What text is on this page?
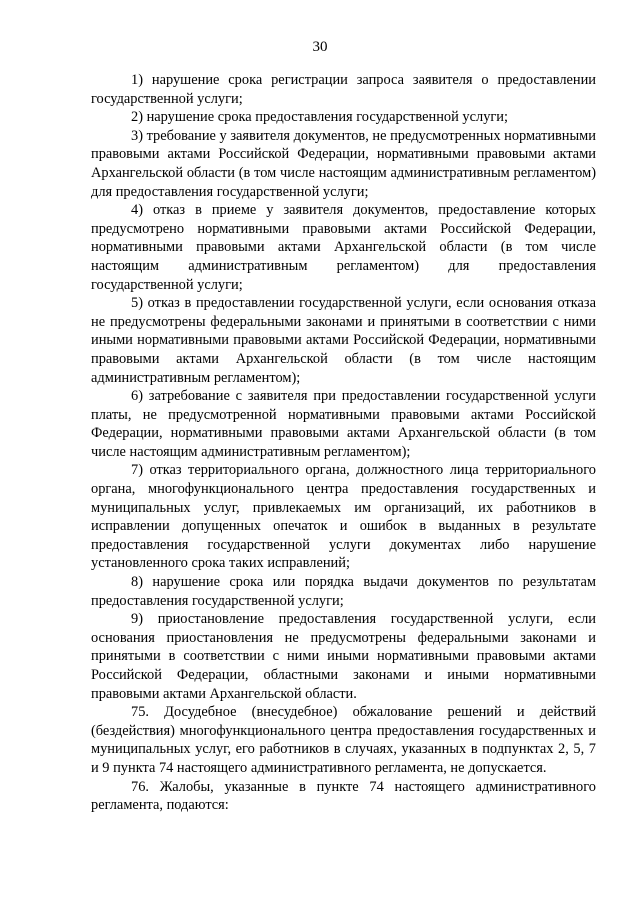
30

1) нарушение срока регистрации запроса заявителя о предоставлении государственной услуги;

2) нарушение срока предоставления государственной услуги;

3) требование у заявителя документов, не предусмотренных нормативными правовыми актами Российской Федерации, нормативными правовыми актами Архангельской области (в том числе настоящим административным регламентом) для предоставления государственной услуги;

4) отказ в приеме у заявителя документов, предоставление которых предусмотрено нормативными правовыми актами Российской Федерации, нормативными правовыми актами Архангельской области (в том числе настоящим административным регламентом) для предоставления государственной услуги;

5) отказ в предоставлении государственной услуги, если основания отказа не предусмотрены федеральными законами и принятыми в соответствии с ними иными нормативными правовыми актами Российской Федерации, нормативными правовыми актами Архангельской области (в том числе настоящим административным регламентом);

6) затребование с заявителя при предоставлении государственной услуги платы, не предусмотренной нормативными правовыми актами Российской Федерации, нормативными правовыми актами Архангельской области (в том числе настоящим административным регламентом);

7) отказ территориального органа, должностного лица территориального органа, многофункционального центра предоставления государственных и муниципальных услуг, привлекаемых им организаций, их работников в исправлении допущенных опечаток и ошибок в выданных в результате предоставления государственной услуги документах либо нарушение установленного срока таких исправлений;

8) нарушение срока или порядка выдачи документов по результатам предоставления государственной услуги;

9) приостановление предоставления государственной услуги, если основания приостановления не предусмотрены федеральными законами и принятыми в соответствии с ними иными нормативными правовыми актами Российской Федерации, областными законами и иными нормативными правовыми актами Архангельской области.

75. Досудебное (внесудебное) обжалование решений и действий (бездействия) многофункционального центра предоставления государственных и муниципальных услуг, его работников в случаях, указанных в подпунктах 2, 5, 7 и 9 пункта 74 настоящего административного регламента, не допускается.

76. Жалобы, указанные в пункте 74 настоящего административного регламента, подаются:
